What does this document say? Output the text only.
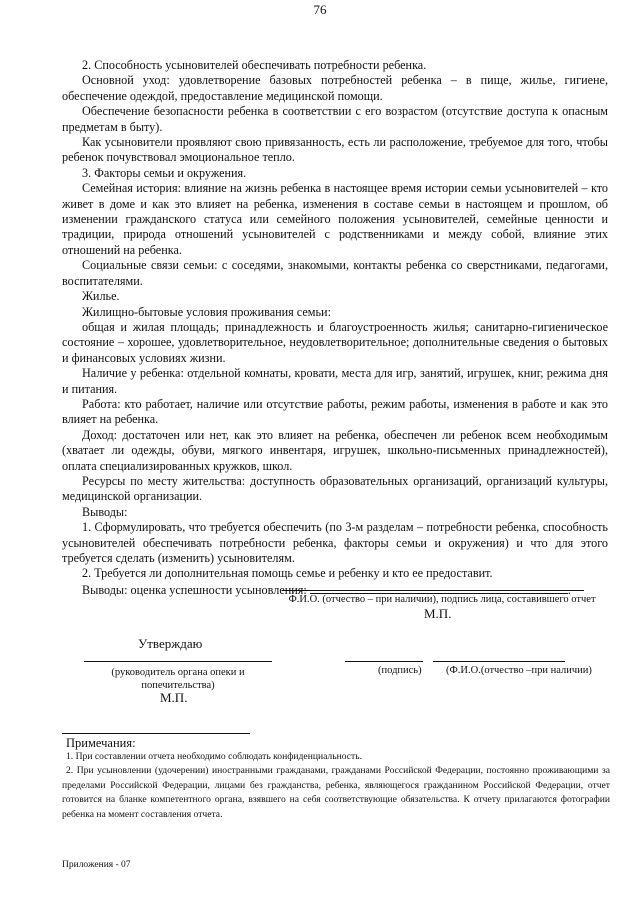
76

2. Способность усыновителей обеспечивать потребности ребенка.

Основной уход: удовлетворение базовых потребностей ребенка – в пище, жилье, гигиене, обеспечение одеждой, предоставление медицинской помощи.

Обеспечение безопасности ребенка в соответствии с его возрастом (отсутствие доступа к опасным предметам в быту).

Как усыновители проявляют свою привязанность, есть ли расположение, требуемое для того, чтобы ребенок почувствовал эмоциональное тепло.

3. Факторы семьи и окружения.

Семейная история: влияние на жизнь ребенка в настоящее время истории семьи усыновителей – кто живет в доме и как это влияет на ребенка, изменения в составе семьи в настоящем и прошлом, об изменении гражданского статуса или семейного положения усыновителей, семейные ценности и традиции, природа отношений усыновителей с родственниками и между собой, влияние этих отношений на ребенка.

Социальные связи семьи: с соседями, знакомыми, контакты ребенка со сверстниками, педагогами, воспитателями.

Жилье.

Жилищно-бытовые условия проживания семьи:

общая и жилая площадь; принадлежность и благоустроенность жилья; санитарно-гигиеническое состояние – хорошее, удовлетворительное, неудовлетворительное; дополнительные сведения о бытовых и финансовых условиях жизни.

Наличие у ребенка: отдельной комнаты, кровати, места для игр, занятий, игрушек, книг, режима дня и питания.

Работа: кто работает, наличие или отсутствие работы, режим работы, изменения в работе и как это влияет на ребенка.

Доход: достаточен или нет, как это влияет на ребенка, обеспечен ли ребенок всем необходимым (хватает ли одежды, обуви, мягкого инвентаря, игрушек, школьно-письменных принадлежностей), оплата специализированных кружков, школ.

Ресурсы по месту жительства: доступность образовательных организаций, организаций культуры, медицинской организации.

Выводы:

1. Сформулировать, что требуется обеспечить (по 3-м разделам – потребности ребенка, способность усыновителей обеспечивать потребности ребенка, факторы семьи и окружения) и что для этого требуется сделать (изменить) усыновителям.

2. Требуется ли дополнительная помощь семье и ребенку и кто ее предоставит.

Выводы: оценка успешности усыновления:	.

Ф.И.О. (отчество – при наличии), подпись лица, составившего отчет
М.П.
Утверждаю
(руководитель органа опеки и попечительства)
М.П.
(подпись) (Ф.И.О.(отчество –при наличии)
Примечания:

1. При составлении отчета необходимо соблюдать конфиденциальность.

2. При усыновлении (удочерении) иностранными гражданами, гражданами Российской Федерации, постоянно проживающими за пределами Российской Федерации, лицами без гражданства, ребенка, являющегося гражданином Российской Федерации, отчет готовится на бланке компетентного органа, взявшего на себя соответствующие обязательства. К отчету прилагаются фотографии ребенка на момент составления отчета.

Приложения - 07
